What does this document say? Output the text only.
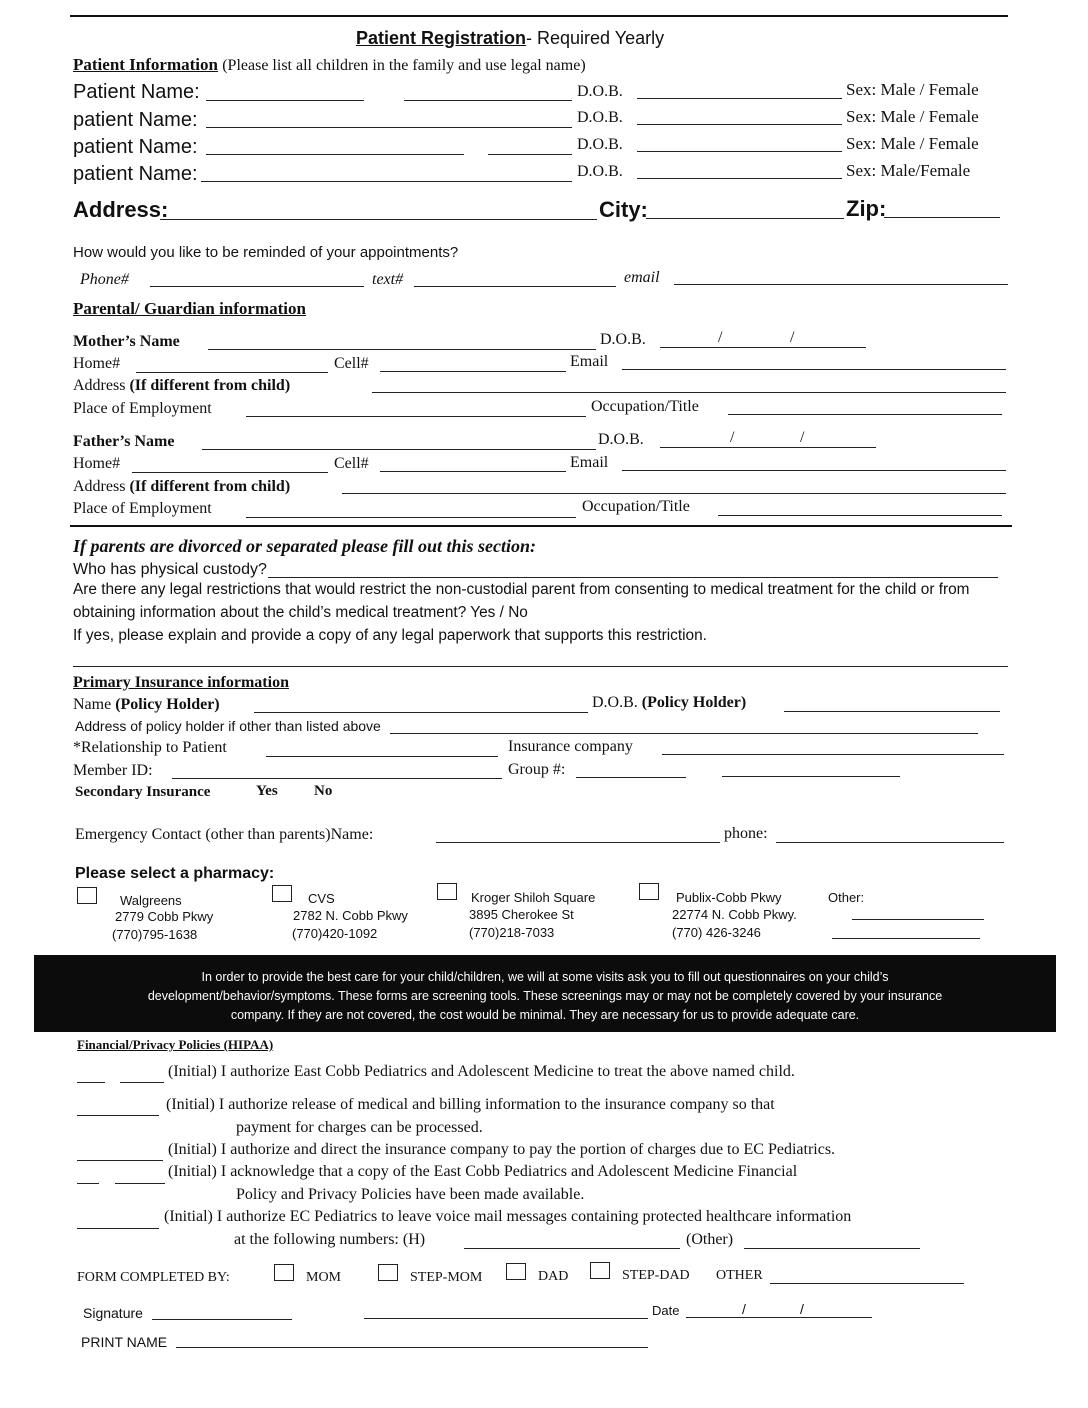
Patient Registration- Required Yearly
Patient Information (Please list all children in the family and use legal name)
Patient Name:	D.O.B.	Sex: Male / Female
patient Name:	D.O.B.	Sex: Male / Female
patient Name:	D.O.B.	Sex: Male / Female
patient Name:	D.O.B.	Sex: Male/Female
Address:	City:	Zip:
How would you like to be reminded of your appointments?
Phone#	text#	email
Parental/ Guardian information
Mother’s Name	D.O.B.	/	/
Home#	Cell#	Email
Address (If different from child)
Place of Employment	Occupation/Title
Father’s Name	D.O.B.	/	/
Home#	Cell#	Email
Address (If different from child)
Place of Employment	Occupation/Title
If parents are divorced or separated please fill out this section:
Who has physical custody?
Are there any legal restrictions that would restrict the non-custodial parent from consenting to medical treatment for the child or from
obtaining information about the child’s medical treatment? Yes / No
If yes, please explain and provide a copy of any legal paperwork that supports this restriction.
Primary Insurance information
Name (Policy Holder)	D.O.B. (Policy Holder)
Address of policy holder if other than listed above
*Relationship to Patient	Insurance company
Member ID:	Group #:
Secondary Insurance	Yes No
Emergency Contact (other than parents)Name:	phone:
Please select a pharmacy:
Walgreens
2779 Cobb Pkwy
(770)795-1638
CVS
2782 N. Cobb Pkwy
(770)420-1092
Kroger Shiloh Square
3895 Cherokee St
(770)218-7033
Publix-Cobb Pkwy
22774 N. Cobb Pkwy.
(770) 426-3246
Other:
In order to provide the best care for your child/children, we will at some visits ask you to fill out questionnaires on your child’s
development/behavior/symptoms. These forms are screening tools. These screenings may or may not be completely covered by your insurance
company. If they are not covered, the cost would be minimal. They are necessary for us to provide adequate care.
Financial/Privacy Policies (HIPAA)
(Initial) I authorize East Cobb Pediatrics and Adolescent Medicine to treat the above named child.
(Initial) I authorize release of medical and billing information to the insurance company so that
payment for charges can be processed.
(Initial) I authorize and direct the insurance company to pay the portion of charges due to EC Pediatrics.
(Initial) I acknowledge that a copy of the East Cobb Pediatrics and Adolescent Medicine Financial
Policy and Privacy Policies have been made available.
(Initial) I authorize EC Pediatrics to leave voice mail messages containing protected healthcare information
at the following numbers: (H)	(Other)
FORM COMPLETED BY:	MOM	STEP-MOM	DAD	STEP-DAD OTHER
Signature	Date	/	/
PRINT NAME
